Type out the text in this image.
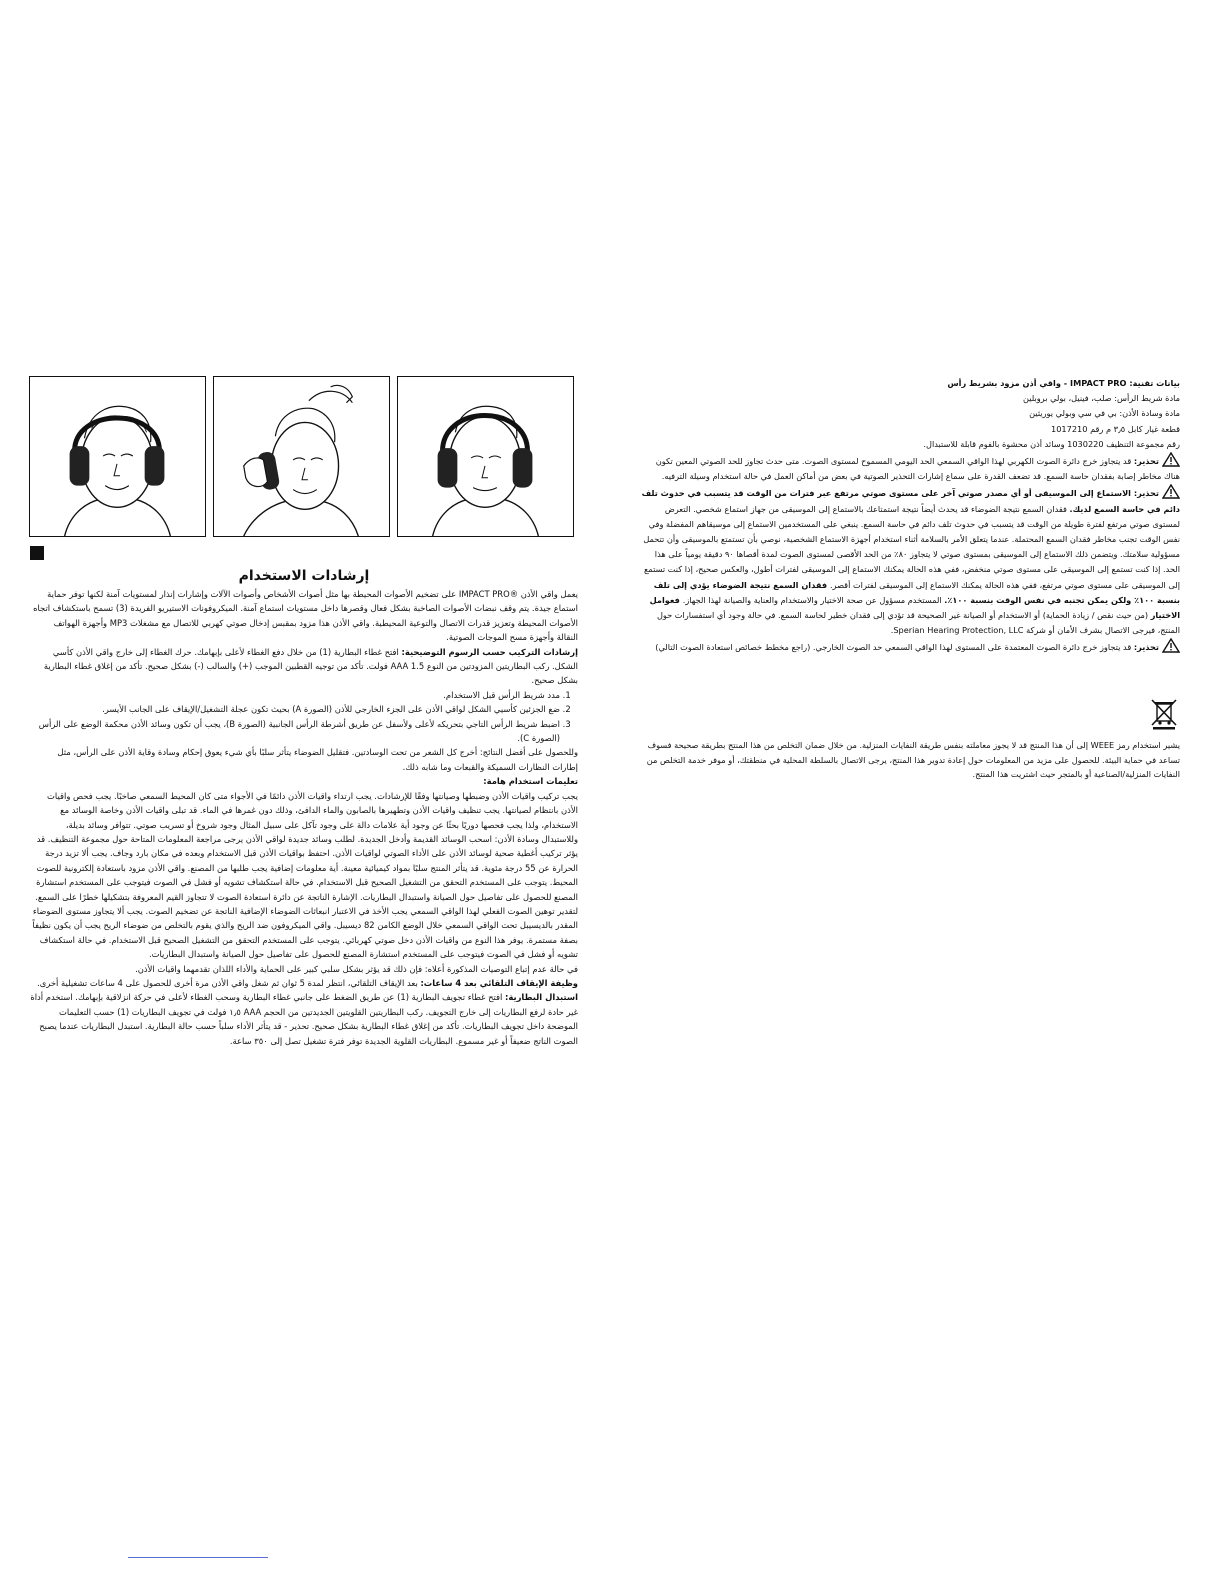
إرشادات الاستخدام

يعمل واقي الأذن ®IMPACT PRO على تضخيم الأصوات المحيطة بها مثل أصوات الأشخاص وأصوات الآلات وإشارات إنذار لمستويات آمنة لكنها توفر حماية استماع جيدة. يتم وقف نبضات الأصوات الصاخبة بشكل فعال وقصرها داخل مستويات استماع آمنة. الميكروفونات الاستيريو الفريدة (3) تسمح باستكشاف اتجاه الأصوات المحيطة وتعزيز قدرات الاتصال والتوعية المحيطية. واقي الأذن هذا مزود بمقبس إدخال صوتي كهربي للاتصال مع مشغلات MP3 وأجهزة الهواتف النقالة وأجهزة مسح الموجات الصوتية.

إرشادات التركيب حسب الرسوم التوضيحية: افتح غطاء البطارية (1) من خلال دفع الغطاء لأعلى بإبهامك. حرك الغطاء إلى خارج واقي الأذن كأسي الشكل. ركب البطاريتين المزودتين من النوع AAA 1.5 فولت. تأكد من توجيه القطبين الموجب (+) والسالب (-) بشكل صحيح. تأكد من إغلاق غطاء البطارية بشكل صحيح.

1. مدد شريط الرأس قبل الاستخدام.
2. ضع الجزئين كأسيي الشكل لواقي الأذن على الجزء الخارجي للأذن (الصورة A) بحيث تكون عجلة التشغيل/الإيقاف على الجانب الأيسر.
3. اضبط شريط الرأس التاجي بتحريكه لأعلى ولأسفل عن طريق أشرطة الرأس الجانبية (الصورة B)، يجب أن تكون وسائد الأذن محكمة الوضع على الرأس (الصورة C).

وللحصول على أفضل النتائج: أخرج كل الشعر من تحت الوسادتين. فتقليل الضوضاء يتأثر سلبًا بأي شيء يعوق إحكام وسادة وقاية الأذن على الرأس، مثل إطارات النظارات السميكة والقبعات وما شابه ذلك.

تعليمات استخدام هامة:

يجب تركيب واقيات الأذن وضبطها وصيانتها وفقًا للإرشادات. يجب ارتداء واقيات الأذن دائمًا في الأجواء متى كان المحيط السمعي صاخبًا. يجب فحص واقيات الأذن بانتظام لصيانتها. يجب تنظيف واقيات الأذن وتطهيرها بالصابون والماء الدافئ، وذلك دون غمرها في الماء. قد تبلى واقيات الأذن وخاصة الوسائد مع الاستخدام، ولذا يجب فحصها دوريًا بحثًا عن وجود أية علامات دالة على وجود تآكل على سبيل المثال وجود شروخ أو تسريب صوتي. تتوافر وسائد بديلة، وللاستبدال وسادة الأذن: اسحب الوسائد القديمة وأدخل الجديدة. لطلب وسائد جديدة لواقي الأذن يرجى مراجعة المعلومات المتاحة حول مجموعة التنظيف. قد يؤثر تركيب أغطية صحية لوسائد الأذن على الأداء الصوتي لواقيات الأذن. احتفظ بواقيات الأذن قبل الاستخدام وبعده في مكان بارد وجاف. يجب ألا تزيد درجة الحرارة عن 55 درجة مئوية. قد يتأثر المنتج سلبًا بمواد كيميائية معينة. أية معلومات إضافية يجب طلبها من المصنع. واقي الأذن مزود باستعادة إلكترونية للصوت المحيط. يتوجب على المستخدم التحقق من التشغيل الصحيح قبل الاستخدام. في حالة استكشاف تشويه أو فشل في الصوت فيتوجب على المستخدم استشارة المصنع للحصول على تفاصيل حول الصيانة واستبدال البطاريات. الإشارة الناتجة عن دائرة استعادة الصوت لا تتجاوز القيم المعروفة بتشكيلها خطرًا على السمع. لتقدير توهين الصوت الفعلي لهذا الواقي السمعي يجب الأخذ في الاعتبار انبعاثات الضوضاء الإضافية الناتجة عن تضخيم الصوت. يجب ألا يتجاوز مستوى الضوضاء المقدر بالديسيبل تحت الواقي السمعي خلال الوضع الكامن 82 ديسيبل. واقي الميكروفون ضد الريح والذي يقوم بالتخلص من ضوضاء الريح يجب أن يكون نظيفاً بصفة مستمرة. يوفر هذا النوع من واقيات الأذن دخل صوتي كهربائي. يتوجب على المستخدم التحقق من التشغيل الصحيح قبل الاستخدام. في حالة استكشاف تشويه أو فشل في الصوت فيتوجب على المستخدم استشارة المصنع للحصول على تفاصيل حول الصيانة واستبدال البطاريات.

في حالة عدم إتباع التوصيات المذكورة أعلاه: فإن ذلك قد يؤثر بشكل سلبي كبير على الحماية والأداء اللذان تقدمهما واقيات الأذن.

وظيفة الإيقاف التلقائي بعد 4 ساعات: بعد الإيقاف التلقائي، انتظر لمدة 5 ثوان ثم شغل واقي الأذن مرة أخرى للحصول على 4 ساعات تشغيلية أخرى.

استبدال البطارية: افتح غطاء تجويف البطارية (1) عن طريق الضغط على جانبي غطاء البطارية وسحب الغطاء لأعلى في حركة انزلاقية بإبهامك. استخدم أداة غير حادة لرفع البطاريات إلى خارج التجويف. ركب البطاريتين القلويتين الجديدتين من الحجم AAA ١٫٥ فولت في تجويف البطاريات (1) حسب التعليمات الموضحة داخل تجويف البطاريات. تأكد من إغلاق غطاء البطارية بشكل صحيح. تحذير - قد يتأثر الأداء سلباً حسب حالة البطارية. استبدل البطاريات عندما يصبح الصوت الناتج ضعيفاً أو غير مسموع. البطاريات القلوية الجديدة توفر فترة تشغيل تصل إلى ٣٥٠ ساعة.

بيانات تقنية: IMPACT PRO - واقي أذن مزود بشريط رأس

مادة شريط الرأس: صلب، فينيل، بولي بروبلين

مادة وسادة الأذن: بي في سي وبولي يوريثين

قطعة غيار كابل ٣٫٥ م رقم 1017210

رقم مجموعة التنظيف 1030220 وسائد أذن محشوة بالفوم قابلة للاستبدال.

تحذير: قد يتجاوز خرج دائرة الصوت الكهربي لهذا الواقي السمعي الحد اليومي المسموح لمستوى الصوت. متى حدث تجاوز للحد الصوتي المعين تكون هناك مخاطر إصابة بفقدان حاسة السمع. قد تضعف القدرة على سماع إشارات التحذير الصوتية في بعض من أماكن العمل في حالة استخدام وسيلة الترفيه.

تحذير: الاستماع إلى الموسيقى أو أي مصدر صوتي آخر على مستوى صوتي مرتفع عبر فترات من الوقت قد يتسبب في حدوث تلف دائم في حاسة السمع لديك. فقدان السمع نتيجة الضوضاء قد يحدث أيضاً نتيجة استمتاعك بالاستماع إلى الموسيقى من جهاز استماع شخصي. التعرض لمستوى صوتي مرتفع لفترة طويلة من الوقت قد يتسبب في حدوث تلف دائم في حاسة السمع. ينبغي على المستخدمين الاستماع إلى موسيقاهم المفضلة وفي نفس الوقت تجنب مخاطر فقدان السمع المحتملة. عندما يتعلق الأمر بالسلامة أثناء استخدام أجهزة الاستماع الشخصية، نوصي بأن تستمتع بالموسيقى وأن تتحمل مسؤولية سلامتك. ويتضمن ذلك الاستماع إلى الموسيقى بمستوى صوتي لا يتجاوز ٨٠٪ من الحد الأقصى لمستوى الصوت لمدة أقصاها ٩٠ دقيقة يومياً على هذا الحد. إذا كنت تستمع إلى الموسيقى على مستوى صوتي منخفض، ففي هذه الحالة يمكنك الاستماع إلى الموسيقى لفترات أطول، والعكس صحيح، إذا كنت تستمع إلى الموسيقى على مستوى صوتي مرتفع، ففي هذه الحالة يمكنك الاستماع إلى الموسيقى لفترات أقصر. فقدان السمع نتيجة الضوضاء يؤدي إلى تلف بنسبة ١٠٠٪ ولكن يمكن تجنبه في نفس الوقت بنسبة ١٠٠٪. المستخدم مسؤول عن صحة الاختيار والاستخدام والعناية والصيانة لهذا الجهاز. فعوامل الاختيار (من حيث نقص / زيادة الحماية) أو الاستخدام أو الصيانة غير الصحيحة قد تؤدي إلى فقدان خطير لحاسة السمع. في حالة وجود أي استفسارات حول المنتج، فيرجى الاتصال بشرف الأمان أو شركة Sperian Hearing Protection, LLC.

تحذير: قد يتجاوز خرج دائرة الصوت المعتمدة على المستوى لهذا الواقي السمعي حد الصوت الخارجي. (راجع مخطط خصائص استعادة الصوت التالي)

يشير استخدام رمز WEEE إلى أن هذا المنتج قد لا يجوز معاملته بنفس طريقة النفايات المنزلية. من خلال ضمان التخلص من هذا المنتج بطريقة صحيحة فسوف تساعد في حماية البيئة. للحصول على مزيد من المعلومات حول إعادة تدوير هذا المنتج، يرجى الاتصال بالسلطة المحلية في منطقتك، أو موفر خدمة التخلص من النفايات المنزلية/الصناعية أو بالمتجر حيث اشتريت هذا المنتج.
